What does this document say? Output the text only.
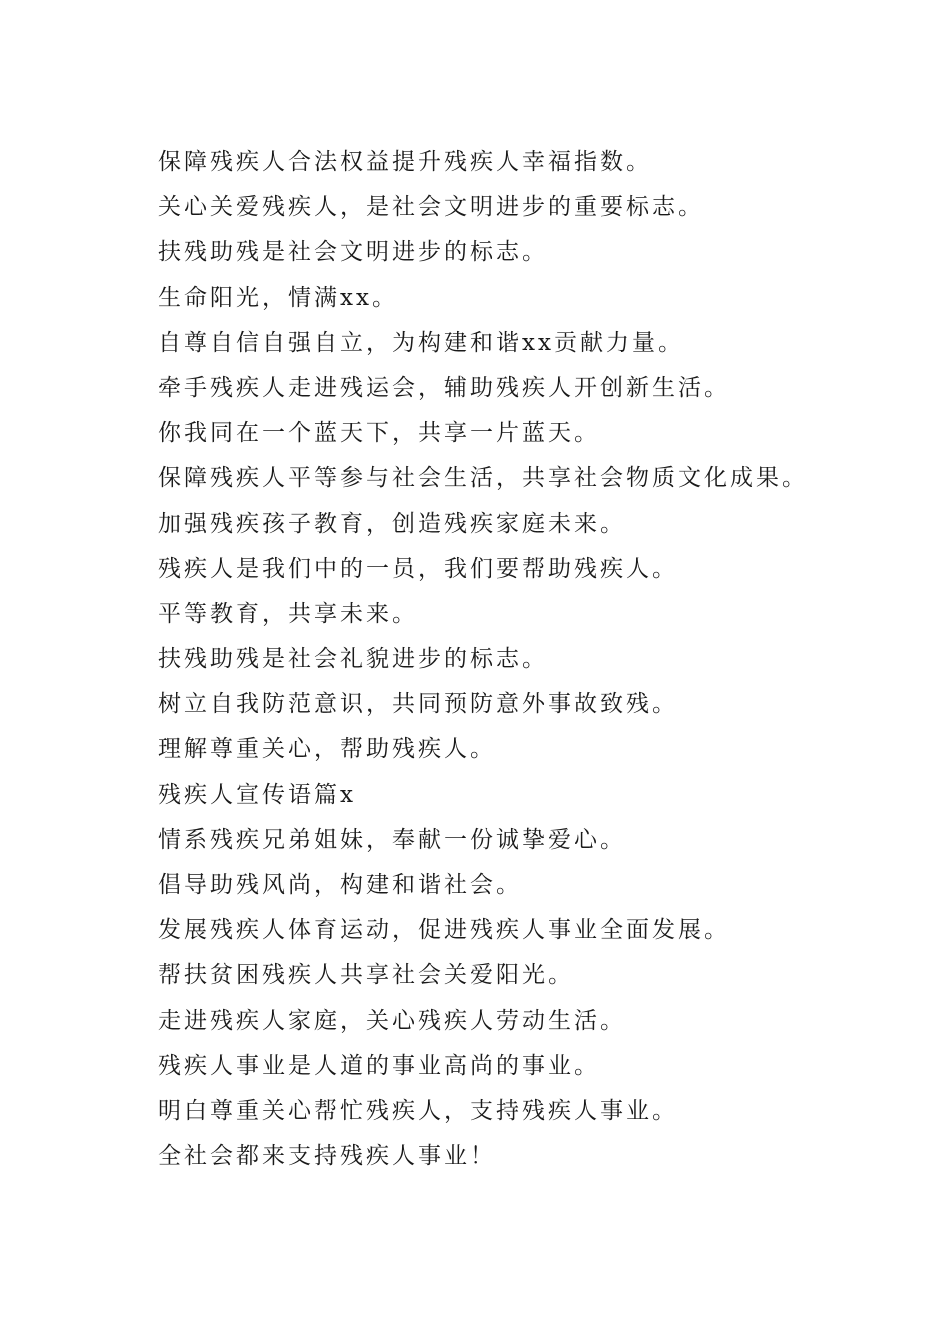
保障残疾人合法权益提升残疾人幸福指数。
关心关爱残疾人，是社会文明进步的重要标志。
扶残助残是社会文明进步的标志。
生命阳光，情满xx。
自尊自信自强自立，为构建和谐xx贡献力量。
牵手残疾人走进残运会，辅助残疾人开创新生活。
你我同在一个蓝天下，共享一片蓝天。
保障残疾人平等参与社会生活，共享社会物质文化成果。
加强残疾孩子教育，创造残疾家庭未来。
残疾人是我们中的一员，我们要帮助残疾人。
平等教育，共享未来。
扶残助残是社会礼貌进步的标志。
树立自我防范意识，共同预防意外事故致残。
理解尊重关心，帮助残疾人。
残疾人宣传语篇x
情系残疾兄弟姐妹，奉献一份诚挚爱心。
倡导助残风尚，构建和谐社会。
发展残疾人体育运动，促进残疾人事业全面发展。
帮扶贫困残疾人共享社会关爱阳光。
走进残疾人家庭，关心残疾人劳动生活。
残疾人事业是人道的事业高尚的事业。
明白尊重关心帮忙残疾人，支持残疾人事业。
全社会都来支持残疾人事业！
